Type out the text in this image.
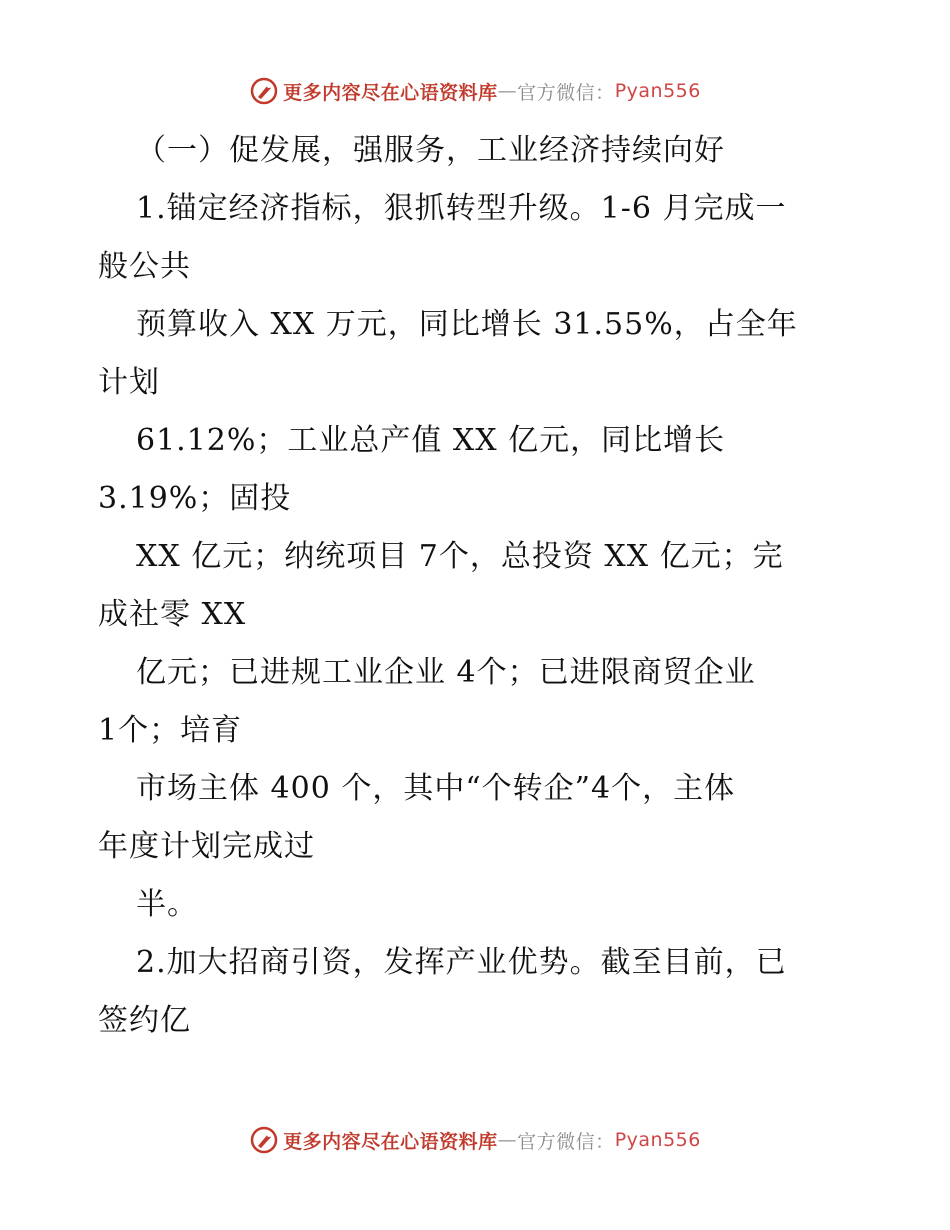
更多内容尽在心语资料库 — 官方微信： Pyan556
（一）促发展，强服务，工业经济持续向好
1.锚定经济指标，狠抓转型升级。1-6 月完成一
般公共
预算收入 XX 万元，同比增长 31.55%，占全年
计划
61.12%；工业总产值 XX 亿元，同比增长
3.19%；固投
XX 亿元；纳统项目 7个，总投资 XX 亿元；完
成社零 XX
亿元；已进规工业企业 4个；已进限商贸企业
1个；培育
市场主体 400 个，其中“个转企”4个，主体
年度计划完成过
半。
2.加大招商引资，发挥产业优势。截至目前，已
签约亿
更多内容尽在心语资料库 — 官方微信： Pyan556
